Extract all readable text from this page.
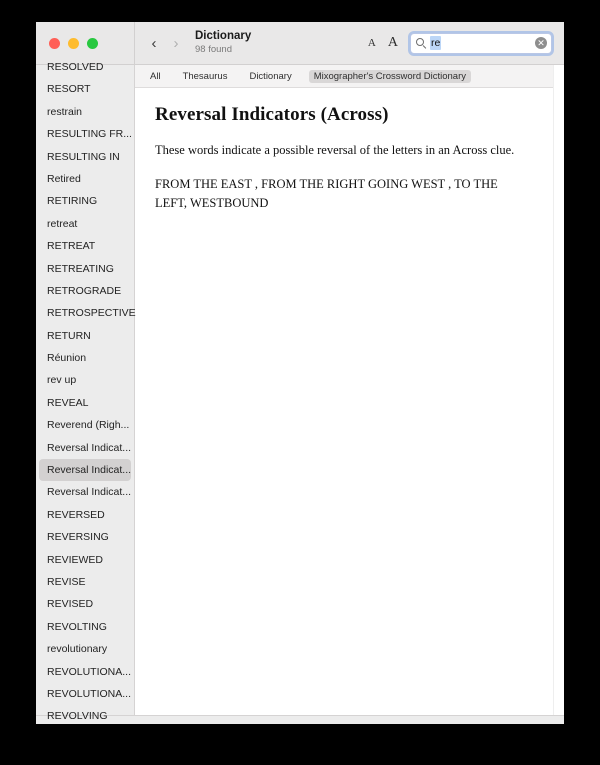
‹	›	Dictionary
98 found
A A	re	✕
RESOLVED
RESORT
restrain
RESULTING FR...
RESULTING IN
Retired
RETIRING
retreat
RETREAT
RETREATING
RETROGRADE
RETROSPECTIVE
RETURN
Réunion
rev up
REVEAL
Reverend (Righ...
Reversal Indicat...
Reversal Indicat...
Reversal Indicat...
REVERSED
REVERSING
REVIEWED
REVISE
REVISED
REVOLTING
revolutionary
REVOLUTIONA...
REVOLUTIONA...
REVOLVING
All	Thesaurus	Dictionary	Mixographer's Crossword Dictionary
Reversal Indicators (Across)

These words indicate a possible reversal of the letters in an Across clue.

FROM THE EAST , FROM THE RIGHT GOING WEST , TO THE LEFT, WESTBOUND
